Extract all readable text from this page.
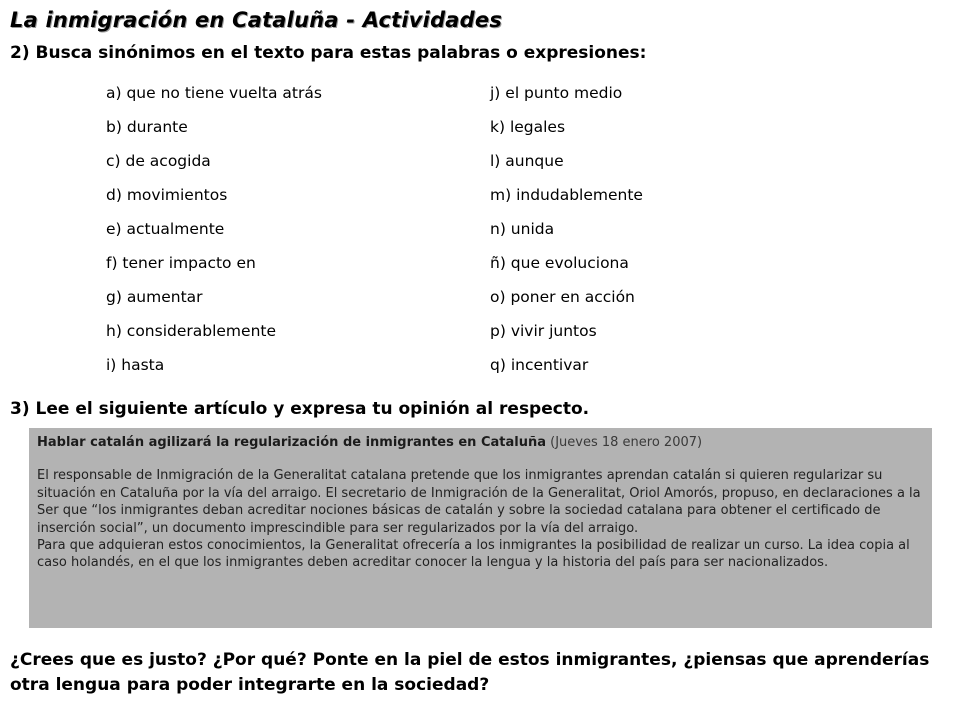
La inmigración en Cataluña - Actividades
2) Busca sinónimos en el texto para estas palabras o expresiones:
a) que no tiene vuelta atrás
b) durante
c) de acogida
d) movimientos
e) actualmente
f) tener impacto en
g) aumentar
h) considerablemente
i) hasta
j) el punto medio
k) legales
l) aunque
m) indudablemente
n) unida
ñ) que evoluciona
o) poner en acción
p) vivir juntos
q) incentivar
3) Lee el siguiente artículo y expresa tu opinión al respecto.
Hablar catalán agilizará la regularización de inmigrantes en Cataluña (Jueves 18 enero 2007)

El responsable de Inmigración de la Generalitat catalana pretende que los inmigrantes aprendan catalán si quieren regularizar su situación en Cataluña por la vía del arraigo. El secretario de Inmigración de la Generalitat, Oriol Amorós, propuso, en declaraciones a la Ser que “los inmigrantes deban acreditar nociones básicas de catalán y sobre la sociedad catalana para obtener el certificado de inserción social”, un documento imprescindible para ser regularizados por la vía del arraigo.

Para que adquieran estos conocimientos, la Generalitat ofrecería a los inmigrantes la posibilidad de realizar un curso. La idea copia al caso holandés, en el que los inmigrantes deben acreditar conocer la lengua y la historia del país para ser nacionalizados.

¿Crees que es justo? ¿Por qué? Ponte en la piel de estos inmigrantes, ¿piensas que aprenderías otra lengua para poder integrarte en la sociedad?
